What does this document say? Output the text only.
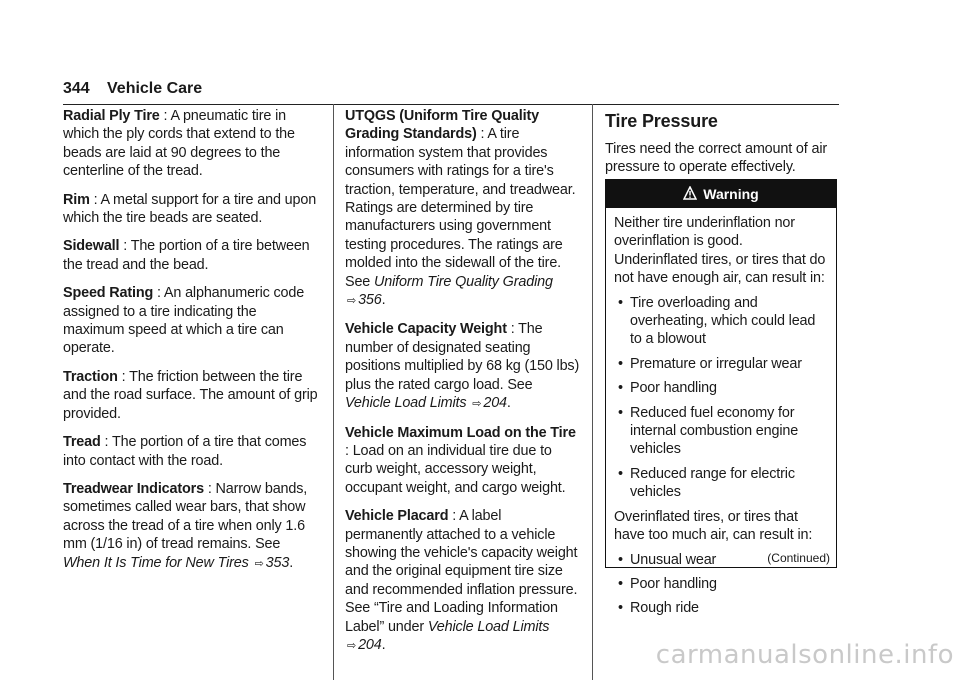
344 Vehicle Care

Radial Ply Tire : A pneumatic tire in which the ply cords that extend to the beads are laid at 90 degrees to the centerline of the tread.

Rim : A metal support for a tire and upon which the tire beads are seated.

Sidewall : The portion of a tire between the tread and the bead.

Speed Rating : An alphanumeric code assigned to a tire indicating the maximum speed at which a tire can operate.

Traction : The friction between the tire and the road surface. The amount of grip provided.

Tread : The portion of a tire that comes into contact with the road.

Treadwear Indicators : Narrow bands, sometimes called wear bars, that show across the tread of a tire when only 1.6 mm (1/16 in) of tread remains. See
When It Is Time for New Tires ⇨ 353.

UTQGS (Uniform Tire Quality Grading Standards) : A tire information system that provides consumers with ratings for a tire's traction, temperature, and treadwear. Ratings are determined by tire manufacturers using government testing procedures. The ratings are molded into the sidewall of the tire. See Uniform Tire Quality Grading ⇨ 356.

Vehicle Capacity Weight : The number of designated seating positions multiplied by 68 kg (150 lbs) plus the rated cargo load. See Vehicle Load Limits ⇨ 204.

Vehicle Maximum Load on the Tire : Load on an individual tire due to curb weight, accessory weight, occupant weight, and cargo weight.

Vehicle Placard : A label permanently attached to a vehicle showing the vehicle's capacity weight and the original equipment tire size and recommended inflation pressure. See “Tire and Loading Information Label” under Vehicle Load Limits ⇨ 204.

Tire Pressure

Tires need the correct amount of air pressure to operate effectively.

Warning

Neither tire underinflation nor overinflation is good. Underinflated tires, or tires that do not have enough air, can result in:

• Tire overloading and overheating, which could lead to a blowout
• Premature or irregular wear
• Poor handling
• Reduced fuel economy for internal combustion engine vehicles
• Reduced range for electric vehicles

Overinflated tires, or tires that have too much air, can result in:

• Unusual wear
• Poor handling
• Rough ride
(Continued)
carmanualsonline.info
